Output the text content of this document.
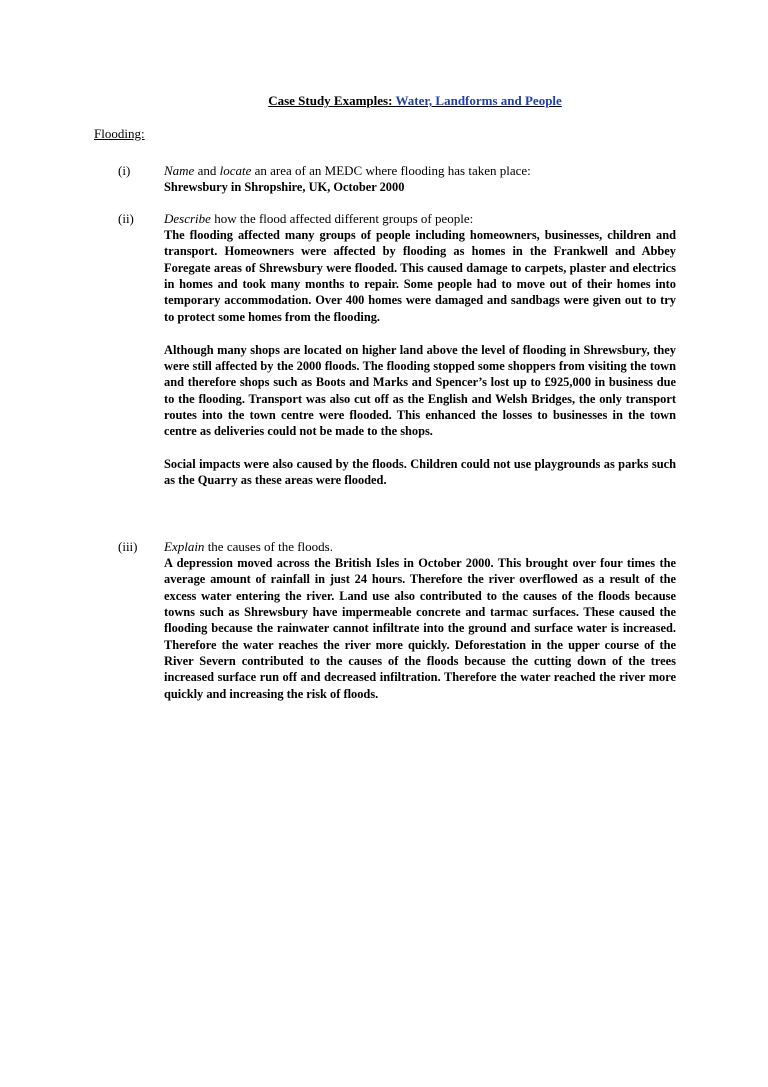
Case Study Examples: Water, Landforms and People
Flooding:
(i)	Name and locate an area of an MEDC where flooding has taken place:

Shrewsbury in Shropshire, UK, October 2000

(ii) Describe how the flood affected different groups of people:

The flooding affected many groups of people including homeowners, businesses, children and transport. Homeowners were affected by flooding as homes in the Frankwell and Abbey Foregate areas of Shrewsbury were flooded. This caused damage to carpets, plaster and electrics in homes and took many months to repair. Some people had to move out of their homes into temporary accommodation. Over 400 homes were damaged and sandbags were given out to try to protect some homes from the flooding.

Although many shops are located on higher land above the level of flooding in Shrewsbury, they were still affected by the 2000 floods. The flooding stopped some shoppers from visiting the town and therefore shops such as Boots and Marks and Spencer’s lost up to £925,000 in business due to the flooding. Transport was also cut off as the English and Welsh Bridges, the only transport routes into the town centre were flooded. This enhanced the losses to businesses in the town centre as deliveries could not be made to the shops.

Social impacts were also caused by the floods. Children could not use playgrounds as parks such as the Quarry as these areas were flooded.

(iii) Explain the causes of the floods.

A depression moved across the British Isles in October 2000. This brought over four times the average amount of rainfall in just 24 hours. Therefore the river overflowed as a result of the excess water entering the river. Land use also contributed to the causes of the floods because towns such as Shrewsbury have impermeable concrete and tarmac surfaces. These caused the flooding because the rainwater cannot infiltrate into the ground and surface water is increased. Therefore the water reaches the river more quickly. Deforestation in the upper course of the River Severn contributed to the causes of the floods because the cutting down of the trees increased surface run off and decreased infiltration. Therefore the water reached the river more quickly and increasing the risk of floods.
